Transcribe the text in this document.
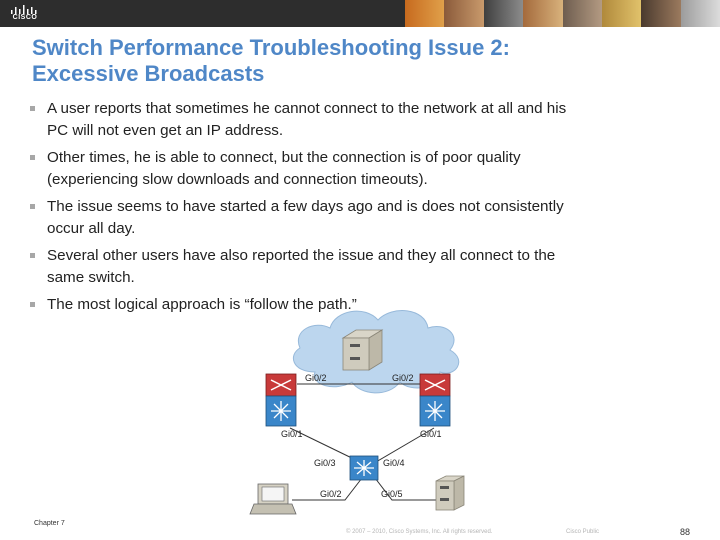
CISCO
Switch Performance Troubleshooting Issue 2:
Excessive Broadcasts
A user reports that sometimes he cannot connect to the network at all and his
PC will not even get an IP address.
Other times, he is able to connect, but the connection is of poor quality
(experiencing slow downloads and connection timeouts).
The issue seems to have started a few days ago and is does not consistently
occur all day.
Several other users have also reported the issue and they all connect to the
same switch.
The most logical approach is “follow the path.”
Gi0/2	Gi0/2
Gi0/1	Gi0/1
Gi0/3	Gi0/4
Gi0/2	Gi0/5
Chapter 7
© 2007 – 2010, Cisco Systems, Inc. All rights reserved.	Cisco Public	88
